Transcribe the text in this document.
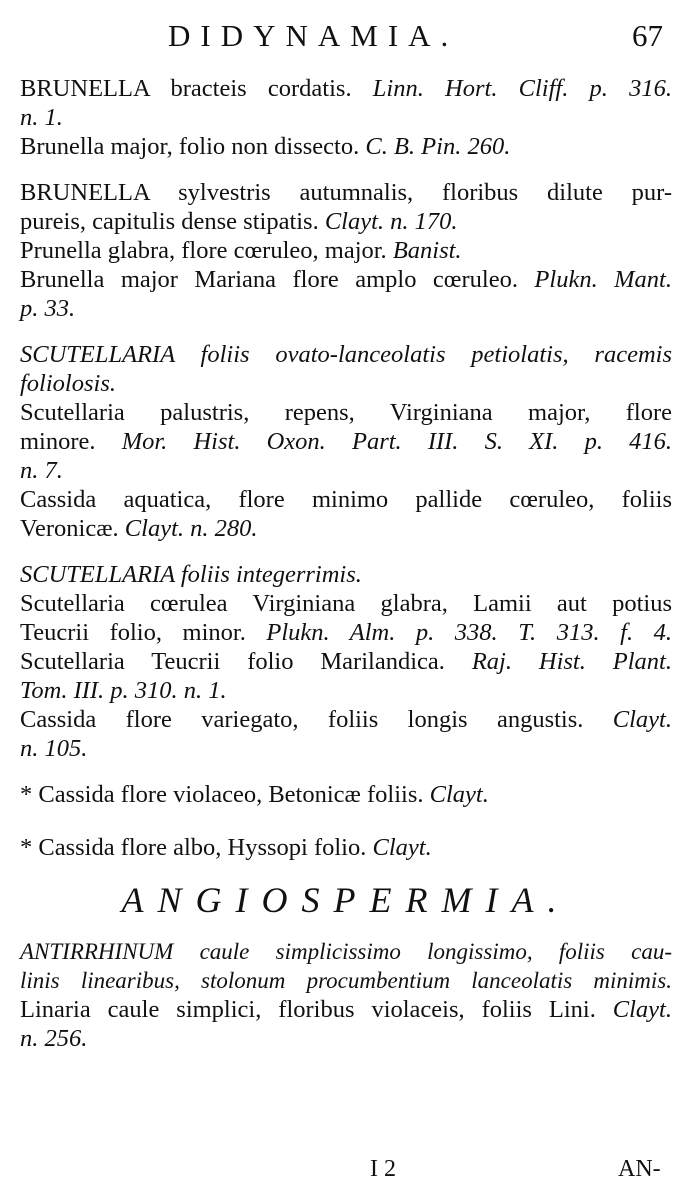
DIDYNAMIA.	67
BRUNELLA bracteis cordatis. Linn. Hort. Cliff. p. 316.
n. 1.
Brunella major, folio non dissecto. C. B. Pin. 260.
BRUNELLA sylvestris autumnalis, floribus dilute pur-
pureis, capitulis dense stipatis. Clayt. n. 170.
Prunella glabra, flore cœruleo, major. Banist.
Brunella major Mariana flore amplo cœruleo. Plukn. Mant.
p. 33.
SCUTELLARIA foliis ovato-lanceolatis petiolatis, racemis
foliolosis.
Scutellaria palustris, repens, Virginiana major, flore
minore. Mor. Hist. Oxon. Part. III. S. XI. p. 416.
n. 7.
Cassida aquatica, flore minimo pallide cœruleo, foliis
Veronicæ. Clayt. n. 280.
SCUTELLARIA foliis integerrimis.
Scutellaria cœrulea Virginiana glabra, Lamii aut potius
Teucrii folio, minor. Plukn. Alm. p. 338. T. 313. f. 4.
Scutellaria Teucrii folio Marilandica. Raj. Hist. Plant.
Tom. III. p. 310. n. 1.
Cassida flore variegato, foliis longis angustis. Clayt.
n. 105.
* Cassida flore violaceo, Betonicæ foliis. Clayt.
* Cassida flore albo, Hyssopi folio. Clayt.
ANGIOSPERMIA.
ANTIRRHINUM caule simplicissimo longissimo, foliis cau-
linis linearibus, stolonum procumbentium lanceolatis minimis.
Linaria caule simplici, floribus violaceis, foliis Lini. Clayt.
n. 256.
I 2	AN-
